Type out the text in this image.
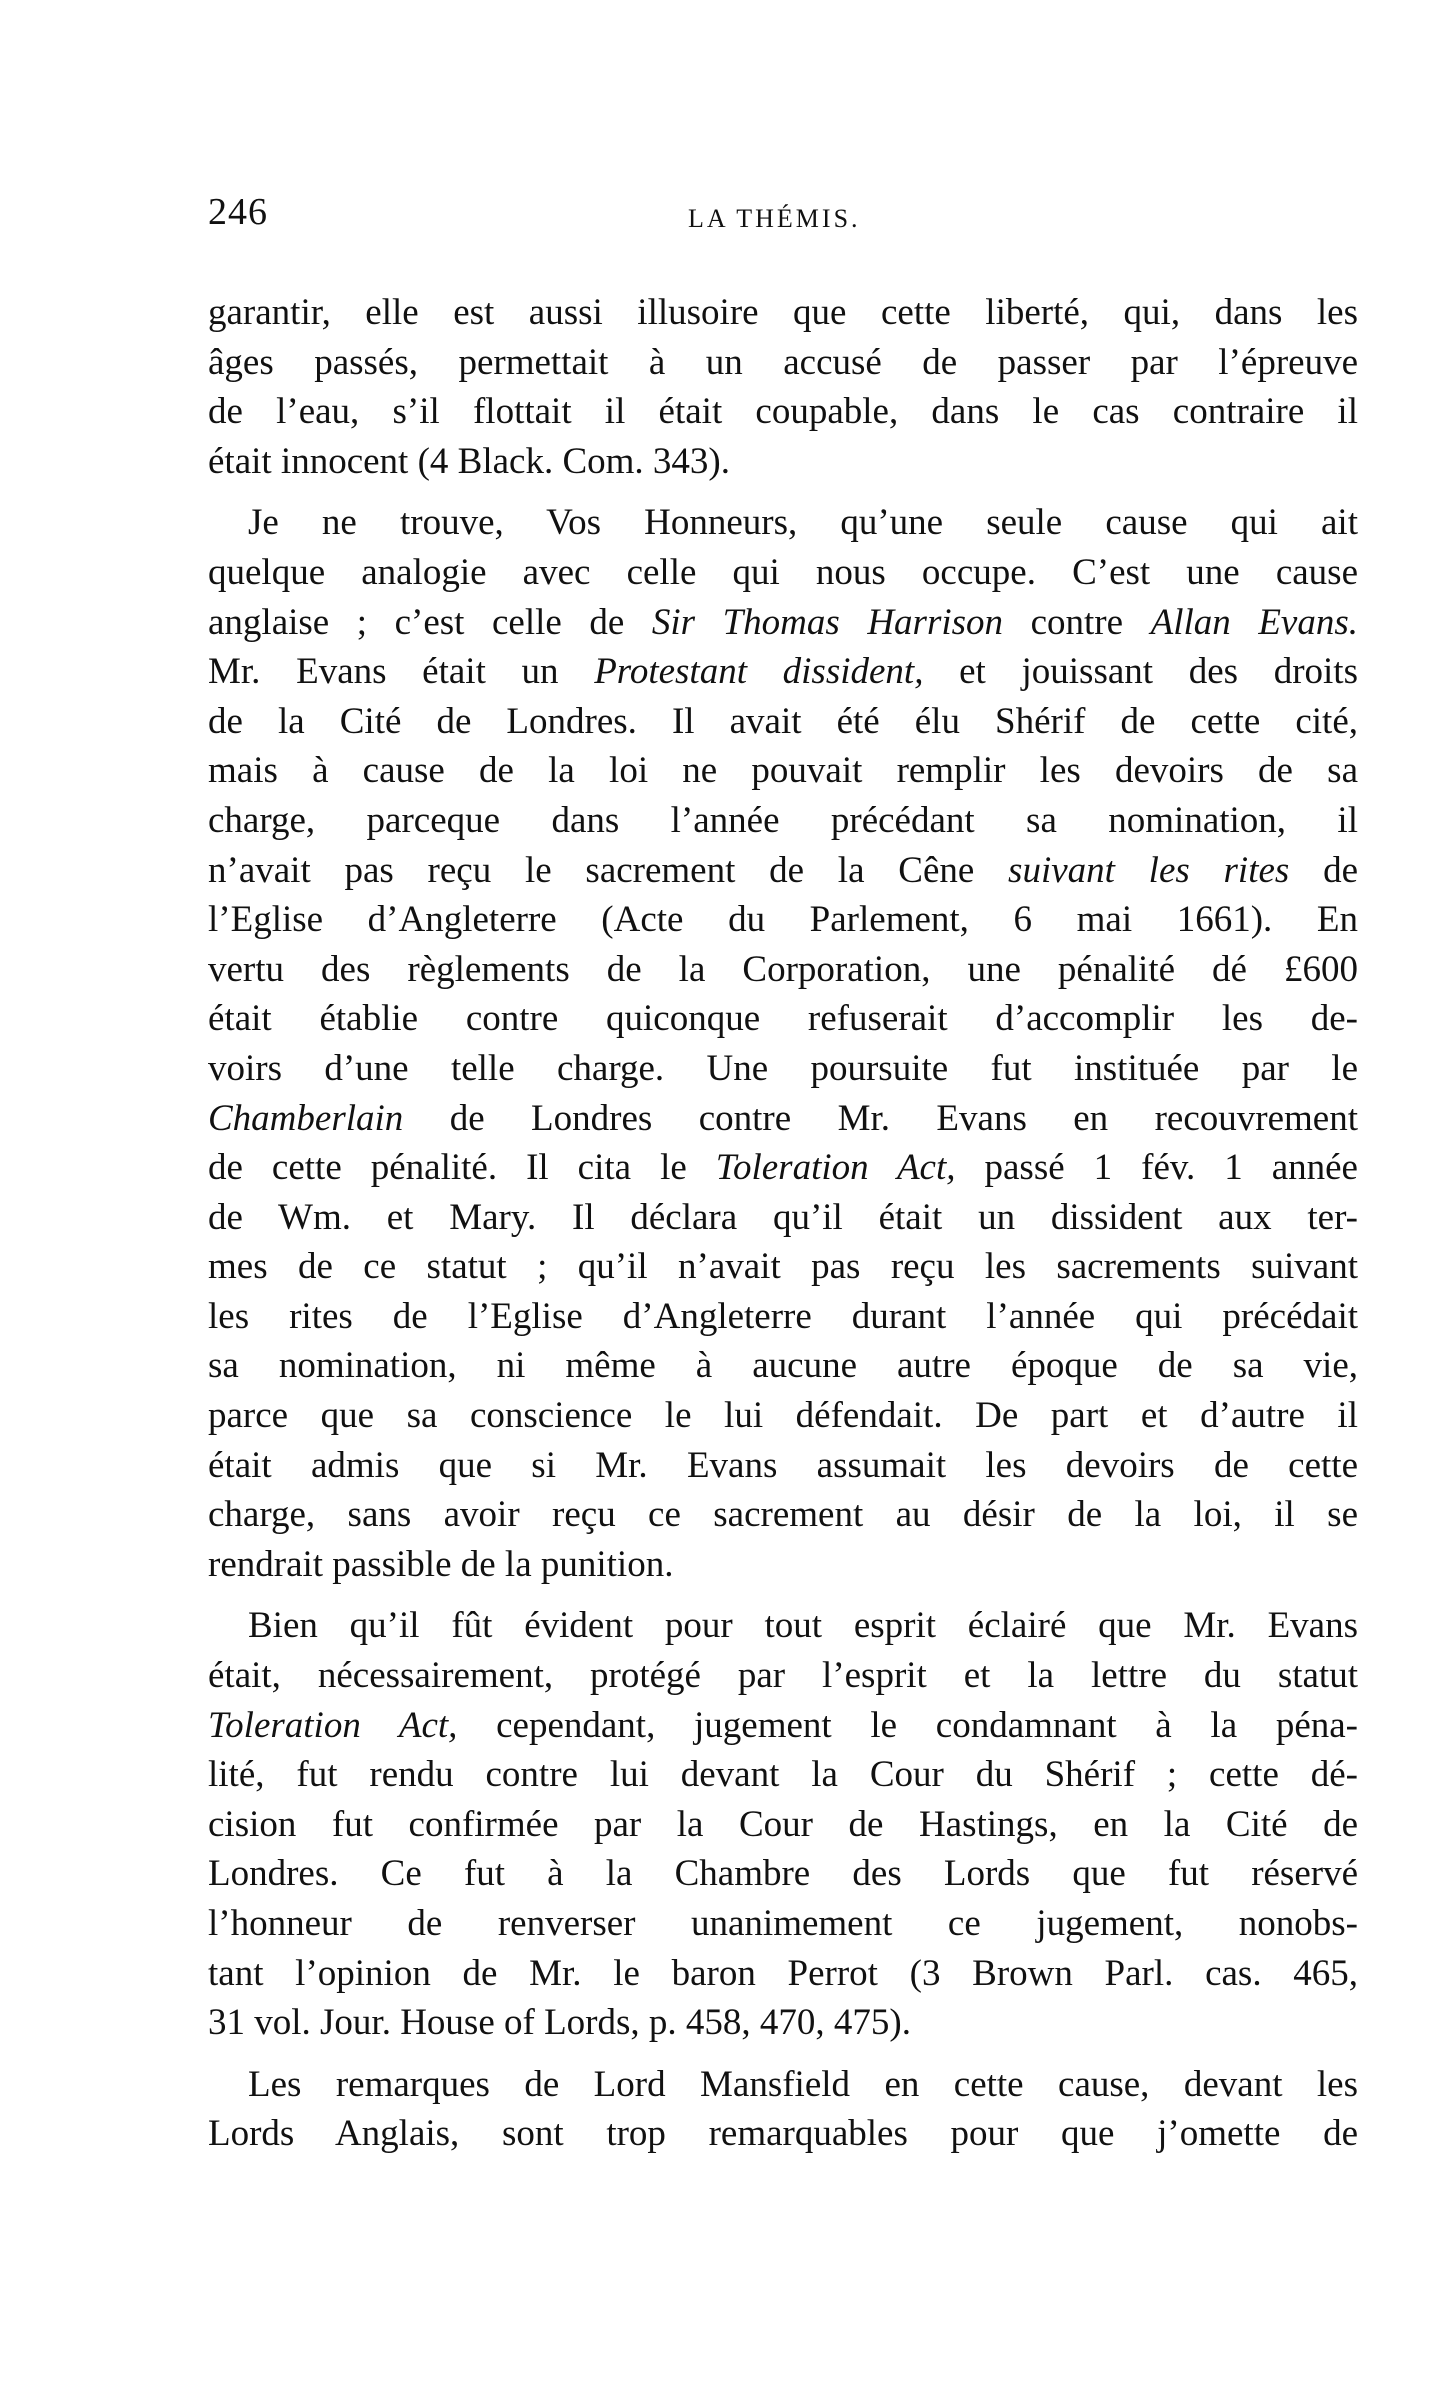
246	LA THÉMIS.
garantir, elle est aussi illusoire que cette liberté, qui, dans les
âges passés, permettait à un accusé de passer par l’épreuve
de l’eau, s’il flottait il était coupable, dans le cas contraire il
était innocent (4 Black. Com. 343).
Je ne trouve, Vos Honneurs, qu’une seule cause qui ait
quelque analogie avec celle qui nous occupe. C’est une cause
anglaise ; c’est celle de Sir Thomas Harrison contre Allan Evans.
Mr. Evans était un Protestant dissident, et jouissant des droits
de la Cité de Londres. Il avait été élu Shérif de cette cité,
mais à cause de la loi ne pouvait remplir les devoirs de sa
charge, parceque dans l’année précédant sa nomination, il
n’avait pas reçu le sacrement de la Cêne suivant les rites de
l’Eglise d’Angleterre (Acte du Parlement, 6 mai 1661). En
vertu des règlements de la Corporation, une pénalité dé £600
était établie contre quiconque refuserait d’accomplir les de-
voirs d’une telle charge. Une poursuite fut instituée par le
Chamberlain de Londres contre Mr. Evans en recouvrement
de cette pénalité. Il cita le Toleration Act, passé 1 fév. 1 année
de Wm. et Mary. Il déclara qu’il était un dissident aux ter-
mes de ce statut ; qu’il n’avait pas reçu les sacrements suivant
les rites de l’Eglise d’Angleterre durant l’année qui précédait
sa nomination, ni même à aucune autre époque de sa vie,
parce que sa conscience le lui défendait. De part et d’autre il
était admis que si Mr. Evans assumait les devoirs de cette
charge, sans avoir reçu ce sacrement au désir de la loi, il se
rendrait passible de la punition.
Bien qu’il fût évident pour tout esprit éclairé que Mr. Evans
était, nécessairement, protégé par l’esprit et la lettre du statut
Toleration Act, cependant, jugement le condamnant à la péna-
lité, fut rendu contre lui devant la Cour du Shérif ; cette dé-
cision fut confirmée par la Cour de Hastings, en la Cité de
Londres. Ce fut à la Chambre des Lords que fut réservé
l’honneur de renverser unanimement ce jugement, nonobs-
tant l’opinion de Mr. le baron Perrot (3 Brown Parl. cas. 465,
31 vol. Jour. House of Lords, p. 458, 470, 475).
Les remarques de Lord Mansfield en cette cause, devant les
Lords Anglais, sont trop remarquables pour que j’omette de
